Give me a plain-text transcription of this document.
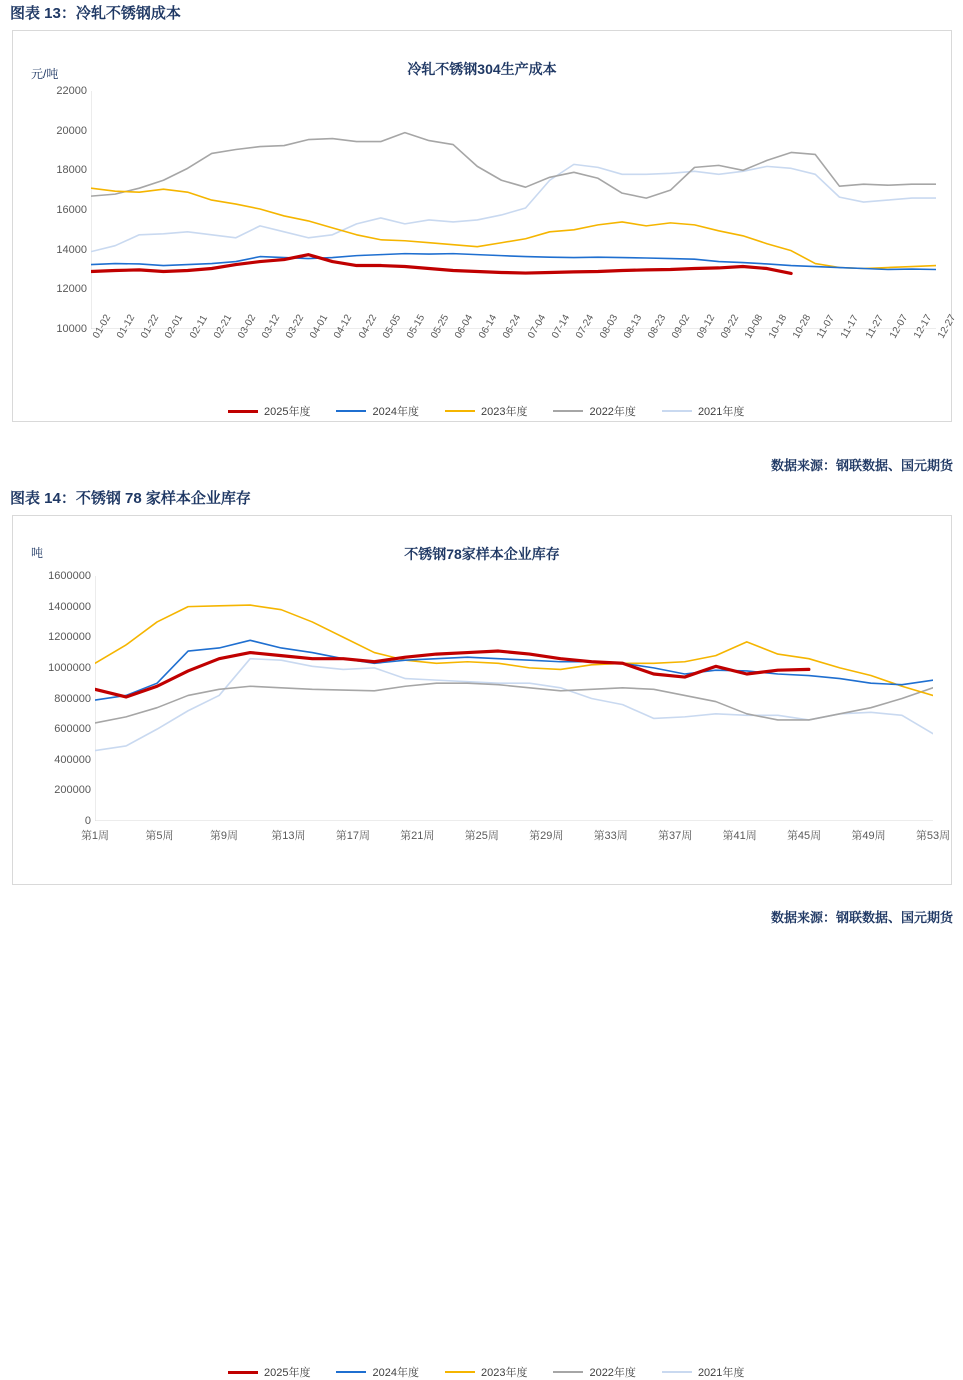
图表 13：冷轧不锈钢成本
元/吨	冷轧不锈钢304生产成本
10000
12000
14000
16000
18000
20000
22000
01-02 01-12 01-22 02-01 02-11 02-21 03-02 03-12 03-22 04-01 04-12 04-22 05-05 05-15 05-25 06-04 06-14 06-24 07-04 07-14 07-24 08-03 08-13 08-23 09-02 09-12 09-22 10-08 10-18 10-28 11-07 11-17 11-27 12-07 12-17 12-27
2025年度	2024年度	2023年度	2022年度	2021年度
数据来源：钢联数据、国元期货
图表 14：不锈钢 78 家样本企业库存
吨	不锈钢78家样本企业库存
0
200000
400000
600000
800000
1000000
1200000
1400000
1600000
第1周	第5周	第9周	第13周	第17周	第21周	第25周	第29周	第33周	第37周	第41周	第45周	第49周	第53周
2025年度	2024年度	2023年度	2022年度	2021年度
数据来源：钢联数据、国元期货
